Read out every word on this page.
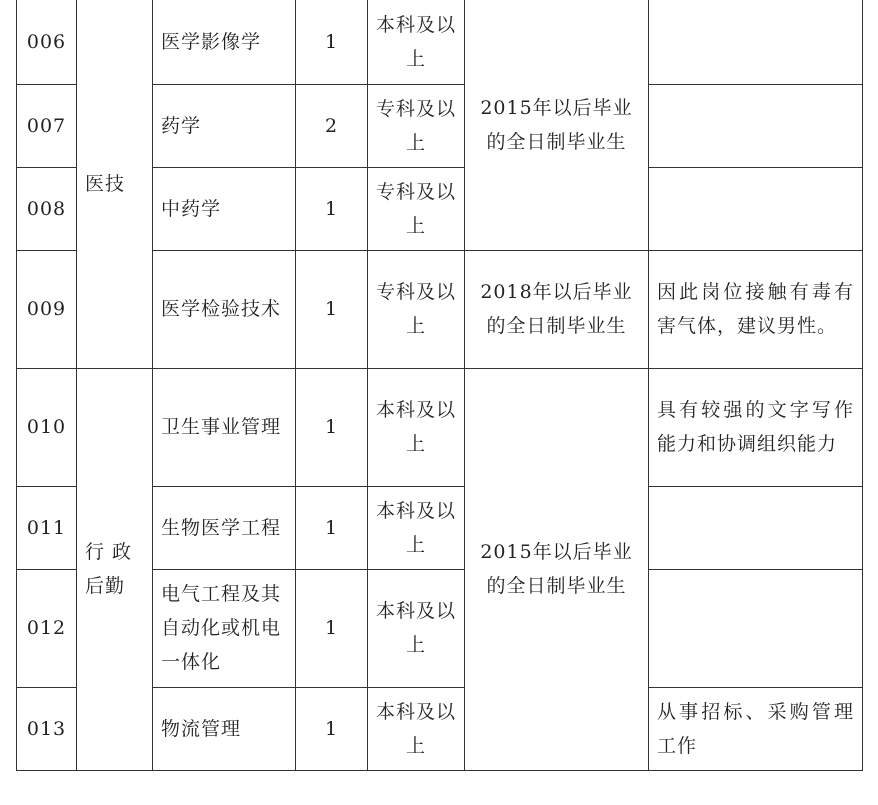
006	医技	医学影像学	1	本科及以上	2015年以后毕业的全日制毕业生	
007		药学	2	专科及以上		
008		中药学	1	专科及以上		
009		医学检验技术	1	专科及以上	2018年以后毕业的全日制毕业生	因此岗位接触有毒有害气体，建议男性。
010	行 政后勤	卫生事业管理	1	本科及以上	2015年以后毕业的全日制毕业生	具有较强的文字写作能力和协调组织能力
011		生物医学工程	1	本科及以上		
012		电气工程及其自动化或机电一体化	1	本科及以上		
013		物流管理	1	本科及以上		从事招标、采购管理工作
